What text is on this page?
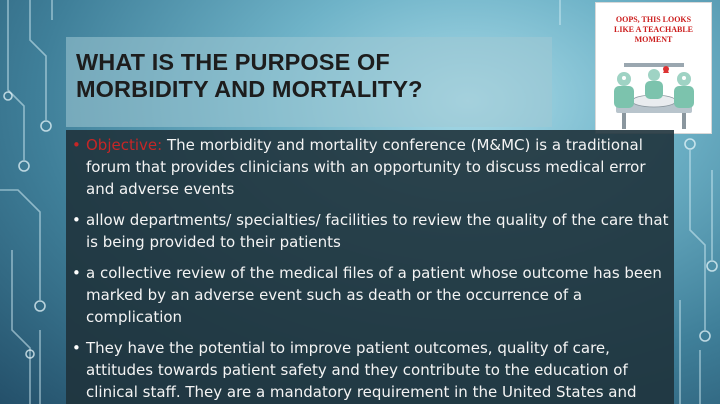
WHAT IS THE PURPOSE OF
MORBIDITY AND MORTALITY?
OOPS, THIS LOOKS
LIKE A TEACHABLE
MOMENT
• Objective: The morbidity and mortality conference (M&MC) is a traditional forum that provides clinicians with an opportunity to discuss medical error and adverse events
• allow departments/ specialties/ facilities to review the quality of the care that is being provided to their patients
• a collective review of the medical files of a patient whose outcome has been marked by an adverse event such as death or the occurrence of a complication
• They have the potential to improve patient outcomes, quality of care, attitudes towards patient safety and they contribute to the education of clinical staff. They are a mandatory requirement in the United States and
